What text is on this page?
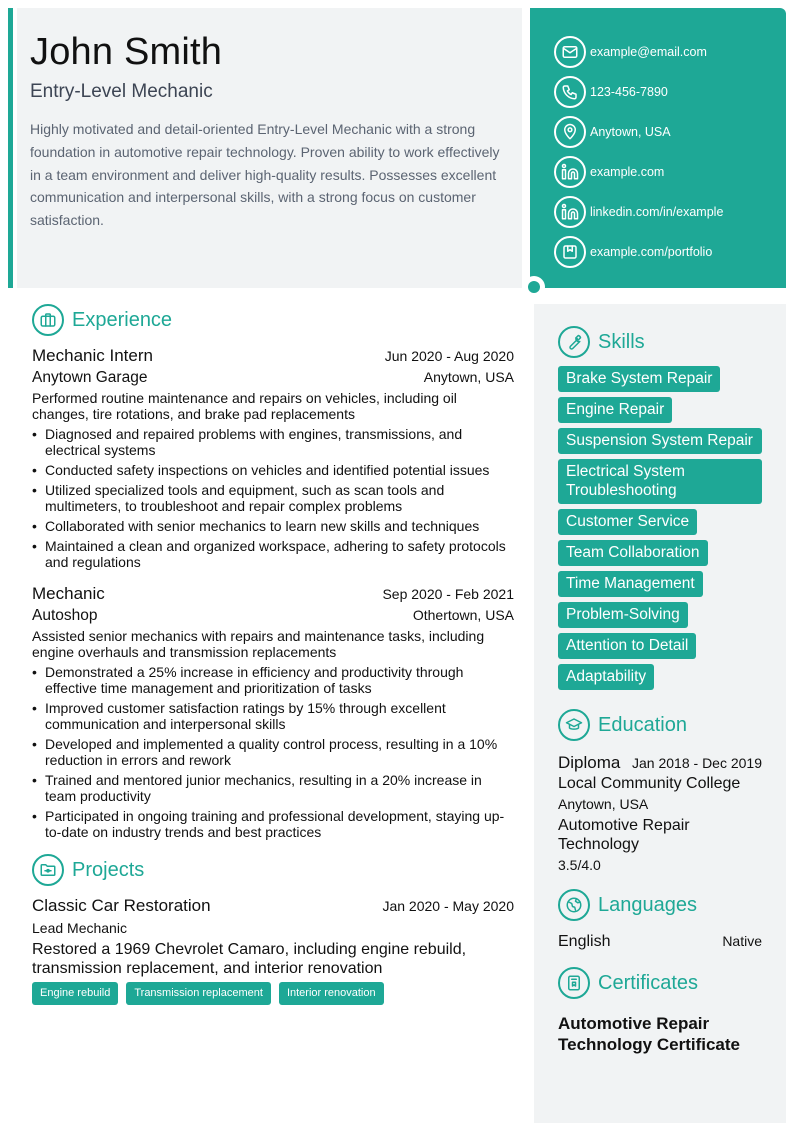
John Smith
Entry-Level Mechanic
Highly motivated and detail-oriented Entry-Level Mechanic with a strong foundation in automotive repair technology. Proven ability to work effectively in a team environment and deliver high-quality results. Possesses excellent communication and interpersonal skills, with a strong focus on customer satisfaction.
example@email.com
123-456-7890
Anytown, USA
example.com
linkedin.com/in/example
example.com/portfolio
Experience
Mechanic Intern	Jun 2020 - Aug 2020
Anytown Garage	Anytown, USA
Performed routine maintenance and repairs on vehicles, including oil changes, tire rotations, and brake pad replacements
• Diagnosed and repaired problems with engines, transmissions, and electrical systems
• Conducted safety inspections on vehicles and identified potential issues
• Utilized specialized tools and equipment, such as scan tools and multimeters, to troubleshoot and repair complex problems
• Collaborated with senior mechanics to learn new skills and techniques
• Maintained a clean and organized workspace, adhering to safety protocols and regulations
Mechanic	Sep 2020 - Feb 2021
Autoshop	Othertown, USA
Assisted senior mechanics with repairs and maintenance tasks, including engine overhauls and transmission replacements
• Demonstrated a 25% increase in efficiency and productivity through effective time management and prioritization of tasks
• Improved customer satisfaction ratings by 15% through excellent communication and interpersonal skills
• Developed and implemented a quality control process, resulting in a 10% reduction in errors and rework
• Trained and mentored junior mechanics, resulting in a 20% increase in team productivity
• Participated in ongoing training and professional development, staying up-to-date on industry trends and best practices
Projects
Classic Car Restoration	Jan 2020 - May 2020
Lead Mechanic
Restored a 1969 Chevrolet Camaro, including engine rebuild, transmission replacement, and interior renovation
Engine rebuild	Transmission replacement	Interior renovation
Skills
Brake System Repair
Engine Repair
Suspension System Repair
Electrical System Troubleshooting
Customer Service
Team Collaboration
Time Management
Problem-Solving
Attention to Detail
Adaptability
Education
Diploma Jan 2018 - Dec 2019
Local Community College
Anytown, USA
Automotive Repair Technology
3.5/4.0
Languages
English	Native
Certificates
Automotive Repair Technology Certificate
